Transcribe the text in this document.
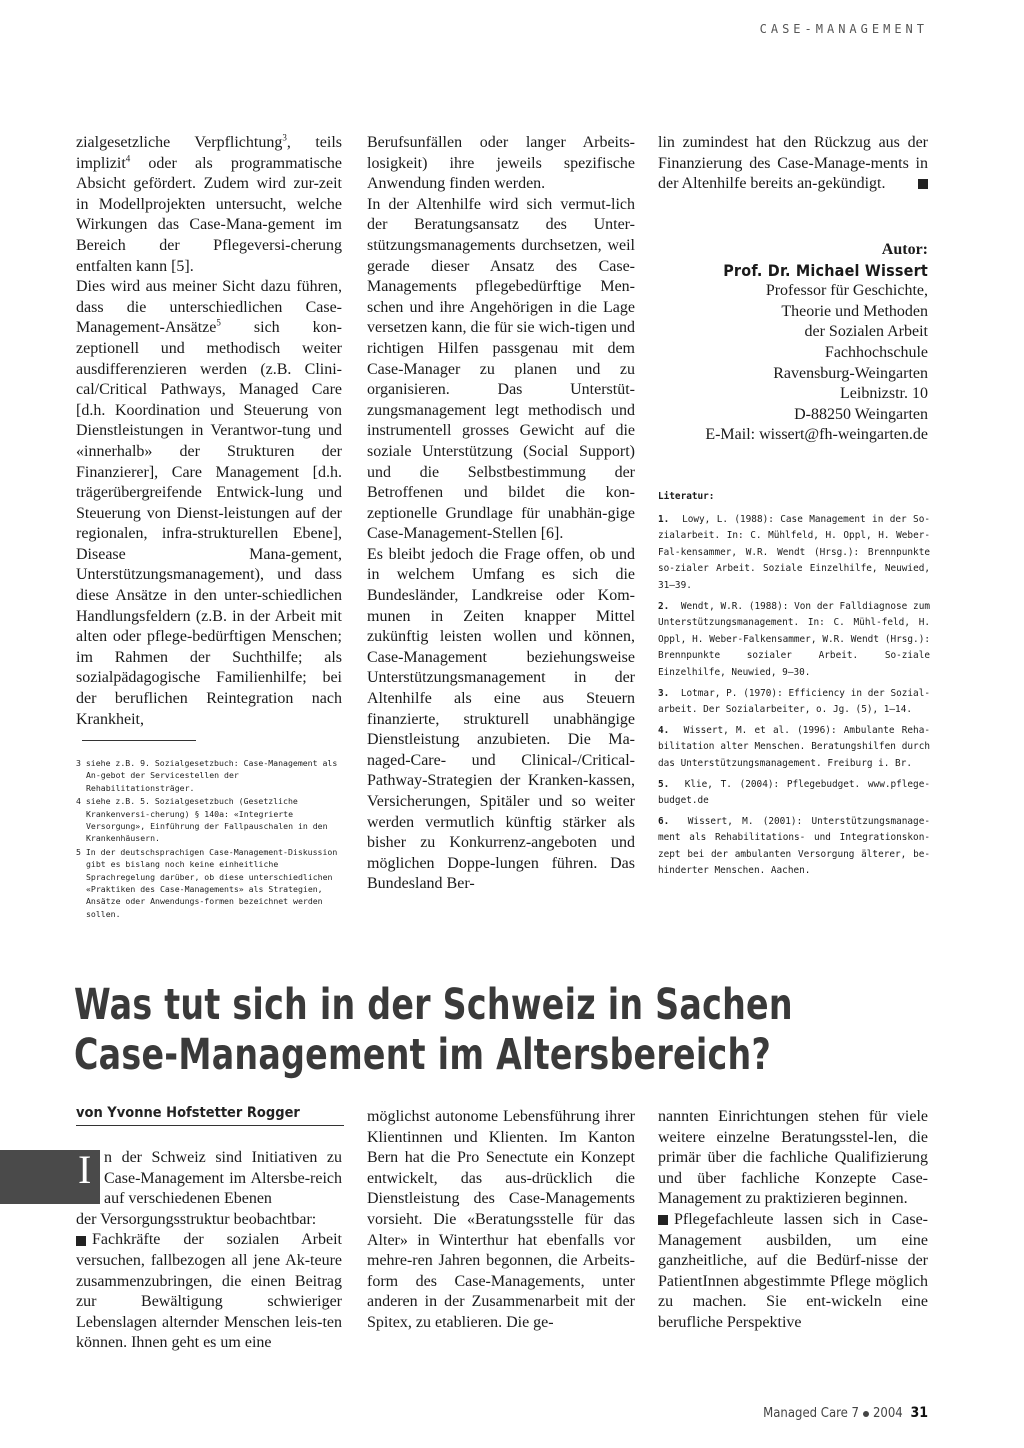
CASE-MANAGEMENT

zialgesetzliche Verpflichtung$^3$, teils implizit$^4$ oder als programmatische Absicht gefördert. Zudem wird zur-zeit in Modellprojekten untersucht, welche Wirkungen das Case-Mana-gement im Bereich der Pflegeversi-cherung entfalten kann [5].

Dies wird aus meiner Sicht dazu führen, dass die unterschiedlichen Case-Management-Ansätze$^5$ sich kon-zeptionell und methodisch weiter ausdifferenzieren werden (z.B. Clini-cal/Critical Pathways, Managed Care [d.h. Koordination und Steuerung von Dienstleistungen in Verantwor-tung und «innerhalb» der Strukturen der Finanzierer], Care Management [d.h. trägerübergreifende Entwick-lung und Steuerung von Dienst-leistungen auf der regionalen, infra-strukturellen Ebene], Disease Mana-gement, Unterstützungsmanagement), und dass diese Ansätze in den unter-schiedlichen Handlungsfeldern (z.B. in der Arbeit mit alten oder pflege-bedürftigen Menschen; im Rahmen der Suchthilfe; als sozialpädagogische Familienhilfe; bei der beruflichen Reintegration nach Krankheit,

3 siehe z.B. 9. Sozialgesetzbuch: Case-Management als An-gebot der Servicestellen der Rehabilitationsträger.

4 siehe z.B. 5. Sozialgesetzbuch (Gesetzliche Krankenversi-cherung) § 140a: «Integrierte Versorgung», Einführung der Fallpauschalen in den Krankenhäusern.

5 In der deutschsprachigen Case-Management-Diskussion gibt es bislang noch keine einheitliche Sprachregelung darüber, ob diese unterschiedlichen «Praktiken des Case-Managements» als Strategien, Ansätze oder Anwendungs-formen bezeichnet werden sollen.

Berufsunfällen oder langer Arbeits-losigkeit) ihre jeweils spezifische Anwendung finden werden.

In der Altenhilfe wird sich vermut-lich der Beratungsansatz des Unter-stützungsmanagements durchsetzen, weil gerade dieser Ansatz des Case-Managements pflegebedürftige Men-schen und ihre Angehörigen in die Lage versetzen kann, die für sie wich-tigen und richtigen Hilfen passgenau mit dem Case-Manager zu planen und zu organisieren. Das Unterstüt-zungsmanagement legt methodisch und instrumentell grosses Gewicht auf die soziale Unterstützung (Social Support) und die Selbstbestimmung der Betroffenen und bildet die kon-zeptionelle Grundlage für unabhän-gige Case-Management-Stellen [6].

Es bleibt jedoch die Frage offen, ob und in welchem Umfang es sich die Bundesländer, Landkreise oder Kom-munen in Zeiten knapper Mittel zukünftig leisten wollen und können, Case-Management beziehungsweise Unterstützungsmanagement in der Altenhilfe als eine aus Steuern finanzierte, strukturell unabhängige Dienstleistung anzubieten. Die Ma-naged-Care- und Clinical-/Critical-Pathway-Strategien der Kranken-kassen, Versicherungen, Spitäler und so weiter werden vermutlich künftig stärker als bisher zu Konkurrenz-angeboten und möglichen Doppe-lungen führen. Das Bundesland Ber-

lin zumindest hat den Rückzug aus der Finanzierung des Case-Manage-ments in der Altenhilfe bereits an-gekündigt.

Autor:
Prof. Dr. Michael Wissert
Professor für Geschichte,
Theorie und Methoden
der Sozialen Arbeit
Fachhochschule
Ravensburg-Weingarten
Leibnizstr. 10
D-88250 Weingarten
E-Mail: wissert@fh-weingarten.de
Literatur:
1. Lowy, L. (1988): Case Management in der So-zialarbeit. In: C. Mühlfeld, H. Oppl, H. Weber-Fal-kensammer, W.R. Wendt (Hrsg.): Brennpunkte so-zialer Arbeit. Soziale Einzelhilfe, Neuwied, 31–39.
2. Wendt, W.R. (1988): Von der Falldiagnose zum Unterstützungsmanagement. In: C. Mühl-feld, H. Oppl, H. Weber-Falkensammer, W.R. Wendt (Hrsg.): Brennpunkte sozialer Arbeit. So-ziale Einzelhilfe, Neuwied, 9–30.
3. Lotmar, P. (1970): Efficiency in der Sozial-arbeit. Der Sozialarbeiter, o. Jg. (5), 1–14.
4. Wissert, M. et al. (1996): Ambulante Reha-bilitation alter Menschen. Beratungshilfen durch das Unterstützungsmanagement. Freiburg i. Br.
5. Klie, T. (2004): Pflegebudget. www.pflege-budget.de
6. Wissert, M. (2001): Unterstützungsmanage-ment als Rehabilitations- und Integrationskon-zept bei der ambulanten Versorgung älterer, be-hinderter Menschen. Aachen.
Was tut sich in der Schweiz in Sachen
Case-Management im Altersbereich?
von Yvonne Hofstetter Rogger
I n der Schweiz sind Initiativen zu Case-Management im Altersbe-reich auf verschiedenen Ebenen

der Versorgungsstruktur beobachtbar:

Fachkräfte der sozialen Arbeit versuchen, fallbezogen all jene Ak-teure zusammenzubringen, die einen Beitrag zur Bewältigung schwieriger Lebenslagen alternder Menschen leis-ten können. Ihnen geht es um eine

möglichst autonome Lebensführung ihrer Klientinnen und Klienten. Im Kanton Bern hat die Pro Senectute ein Konzept entwickelt, das aus-drücklich die Dienstleistung des Case-Managements vorsieht. Die «Beratungsstelle für das Alter» in Winterthur hat ebenfalls vor mehre-ren Jahren begonnen, die Arbeits-form des Case-Managements, unter anderen in der Zusammenarbeit mit der Spitex, zu etablieren. Die ge-

nannten Einrichtungen stehen für viele weitere einzelne Beratungsstel-len, die primär über die fachliche Qualifizierung und über fachliche Konzepte Case-Management zu praktizieren beginnen.

Pflegefachleute lassen sich in Case-Management ausbilden, um eine ganzheitliche, auf die Bedürf-nisse der PatientInnen abgestimmte Pflege möglich zu machen. Sie ent-wickeln eine berufliche Perspektive

Managed Care 7 2004 31
